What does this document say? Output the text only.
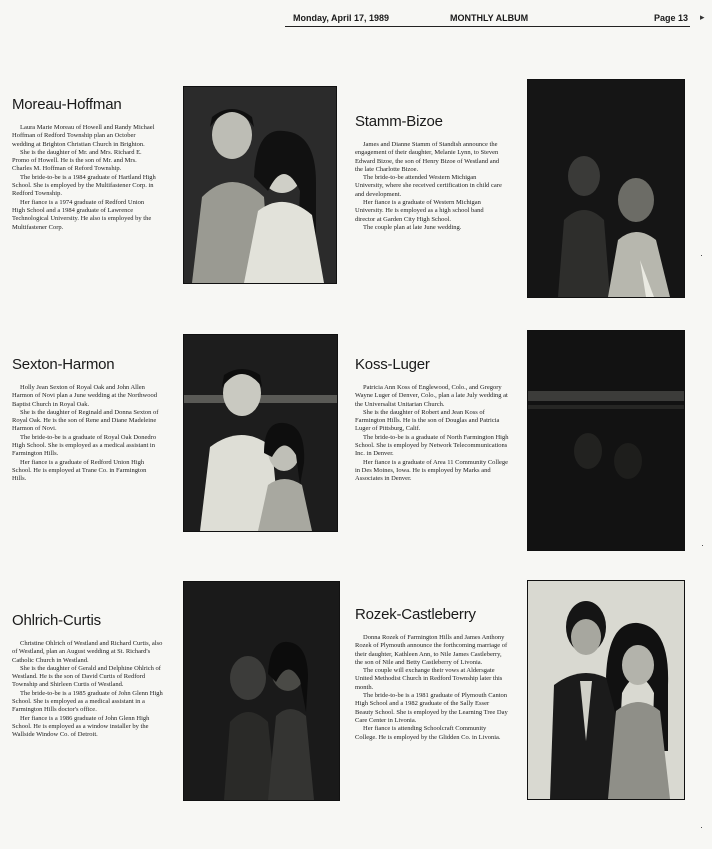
Monday, April 17, 1989	MONTHLY ALBUM	Page 13 ▸
Moreau-Hoffman

Laura Marie Moreau of Howell and Randy Michael Hoffman of Redford Township plan an October wedding at Brighton Christian Church in Brighton.

She is the daughter of Mr. and Mrs. Richard E. Promo of Howell. He is the son of Mr. and Mrs. Charles M. Hoffman of Reford Township.

The bride-to-be is a 1984 graduate of Hartland High School. She is employed by the Multifastener Corp. in Redford Township.

Her fiance is a 1974 graduate of Redford Union High School and a 1984 graduate of Lawrence Technological University. He also is employed by the Multifastener Corp.

Stamm-Bizoe

James and Dianne Stamm of Standish announce the engagement of their daughter, Melanie Lynn, to Steven Edward Bizoe, the son of Henry Bizoe of Westland and the late Charlotte Bizoe.

The bride-to-be attended Western Michigan University, where she received certification in child care and development.

Her fiance is a graduate of Western Michigan University. He is employed as a high school band director at Garden City High School.

The couple plan at late June wedding.

Sexton-Harmon

Holly Jean Sexton of Royal Oak and John Allen Harmon of Novi plan a June wedding at the Northwood Baptist Church in Royal Oak.

She is the daughter of Reginald and Donna Sexton of Royal Oak. He is the son of Rene and Diane Madeleine Harmon of Novi.

The bride-to-be is a graduate of Royal Oak Donedro High School. She is employed as a medical assistant in Farmington Hills.

Her fiance is a graduate of Redford Union High School. He is employed at Trane Co. in Farmington Hills.

Koss-Luger

Patricia Ann Koss of Englewood, Colo., and Gregory Wayne Luger of Denver, Colo., plan a late July wedding at the Universalist Unitarian Church.

She is the daughter of Robert and Jean Koss of Farmington Hills. He is the son of Douglas and Patricia Luger of Pittsburg, Calif.

The bride-to-be is a graduate of North Farmington High School. She is employed by Network Telecommunications Inc. in Denver.

Her fiance is a graduate of Area 11 Community College in Des Moines, Iowa. He is employed by Marks and Associates in Denver.

Ohlrich-Curtis

Christine Ohlrich of Westland and Richard Curtis, also of Westland, plan an August wedding at St. Richard's Catholic Church in Westland.

She is the daughter of Gerald and Delphine Ohlrich of Westland. He is the son of David Curtis of Redford Township and Shirleen Curtis of Westland.

The bride-to-be is a 1985 graduate of John Glenn High School. She is employed as a medical assistant in a Farmington Hills doctor's office.

Her fiance is a 1986 graduate of John Glenn High School. He is employed as a window installer by the Wallside Window Co. of Detroit.

Rozek-Castleberry

Donna Rozek of Farmington Hills and James Anthony Rozek of Plymouth announce the forthcoming marriage of their daughter, Kathleen Ann, to Nile James Castleberry, the son of Nile and Betty Castleberry of Livonia.

The couple will exchange their vows at Aldersgate United Methodist Church in Redford Township later this month.

The bride-to-be is a 1981 graduate of Plymouth Canton High School and a 1982 graduate of the Sally Esser Beauty School. She is employed by the Learning Tree Day Care Center in Livonia.

Her fiance is attending Schoolcraft Community College. He is employed by the Glidden Co. in Livonia.

·
·
·
